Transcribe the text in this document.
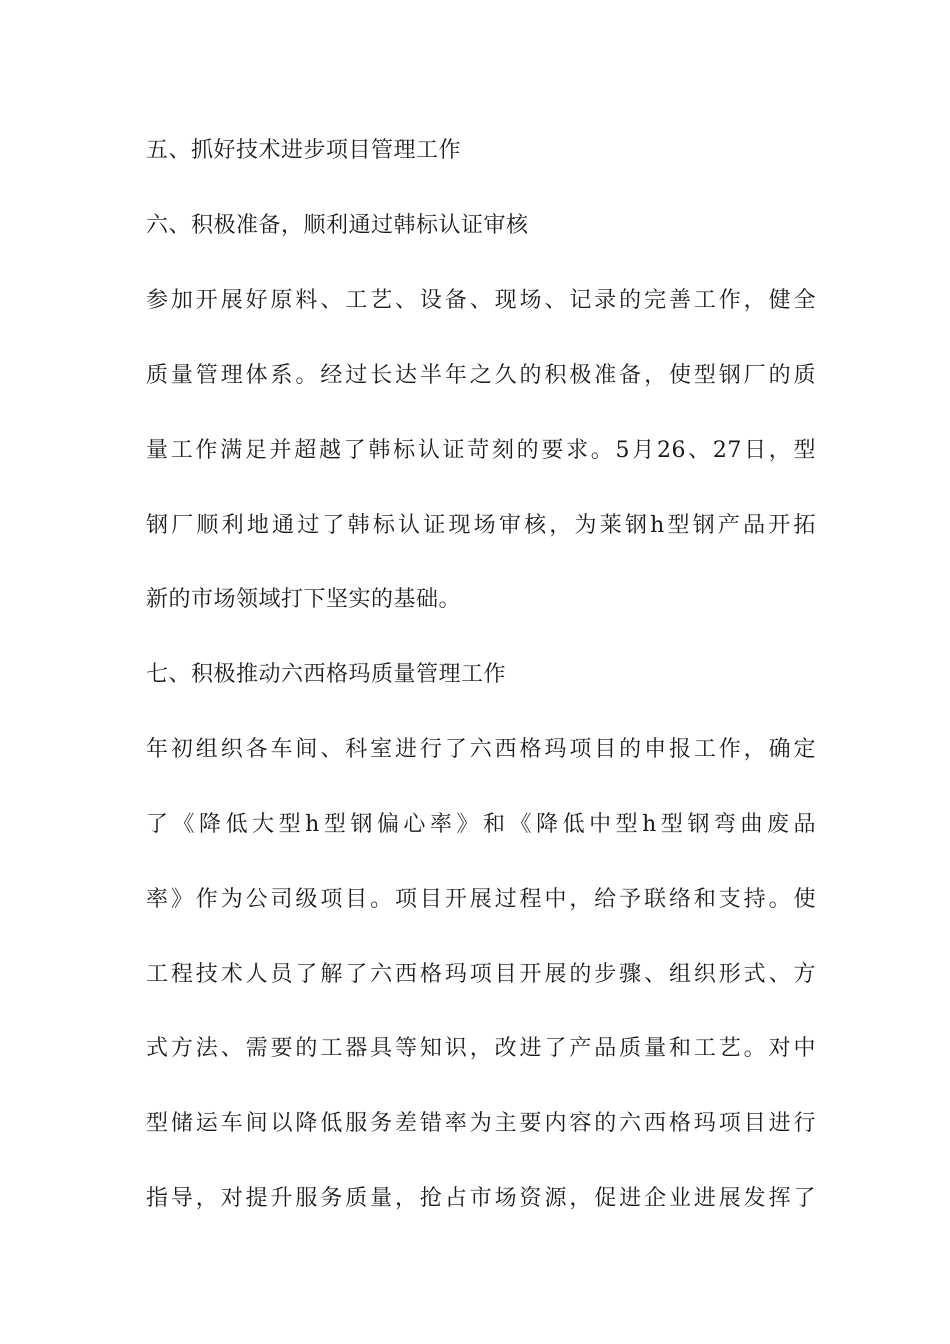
五、抓好技术进步项目管理工作
六、积极准备，顺利通过韩标认证审核
参加开展好原料、工艺、设备、现场、记录的完善工作，健全
质量管理体系。经过长达半年之久的积极准备，使型钢厂的质
量工作满足并超越了韩标认证苛刻的要求。5月26、27日，型
钢厂顺利地通过了韩标认证现场审核，为莱钢h型钢产品开拓
新的市场领域打下坚实的基础。
七、积极推动六西格玛质量管理工作
年初组织各车间、科室进行了六西格玛项目的申报工作，确定
了《降低大型h型钢偏心率》和《降低中型h型钢弯曲废品
率》作为公司级项目。项目开展过程中，给予联络和支持。使
工程技术人员了解了六西格玛项目开展的步骤、组织形式、方
式方法、需要的工器具等知识，改进了产品质量和工艺。对中
型储运车间以降低服务差错率为主要内容的六西格玛项目进行
指导，对提升服务质量，抢占市场资源，促进企业进展发挥了
